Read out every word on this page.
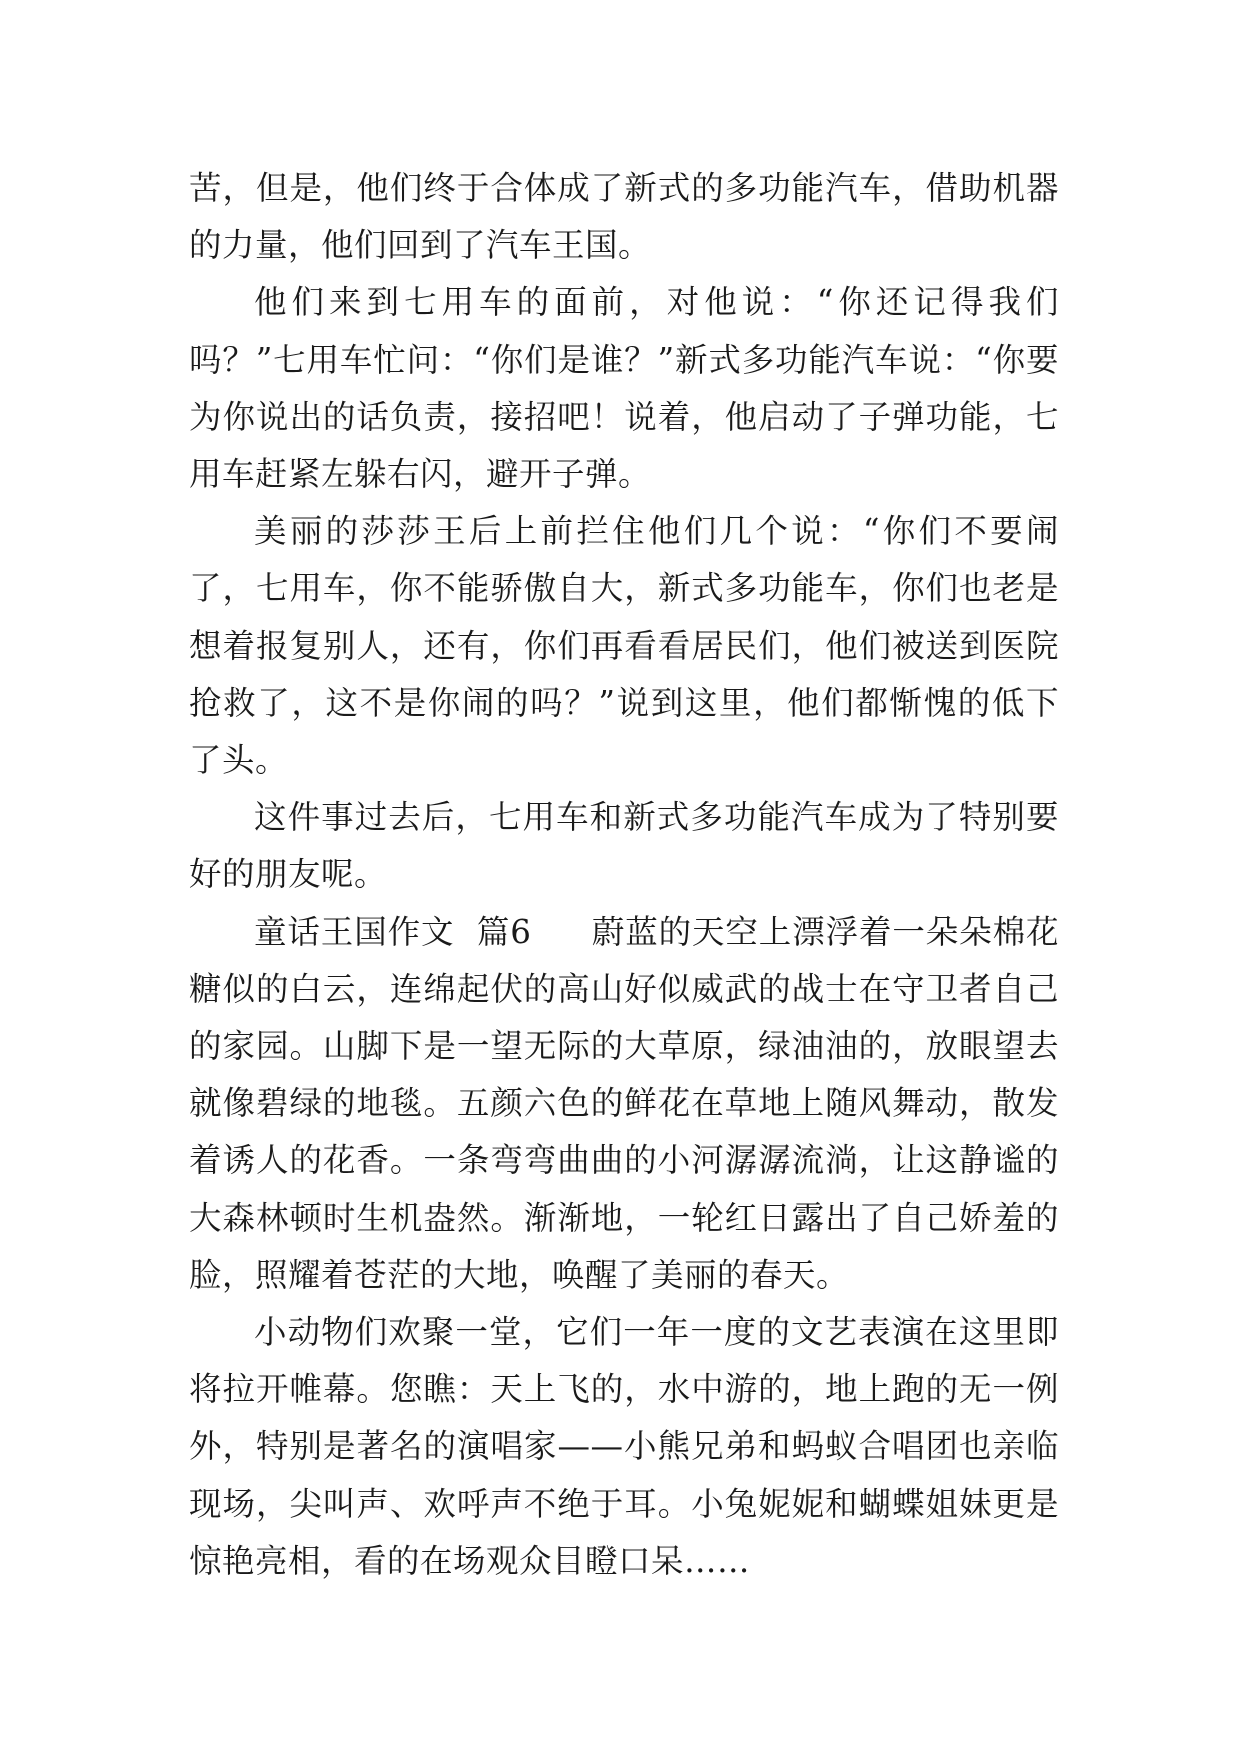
苦，但是，他们终于合体成了新式的多功能汽车，借助机器的力量，他们回到了汽车王国。

他们来到七用车的面前，对他说：“你还记得我们吗？”七用车忙问：“你们是谁？”新式多功能汽车说：“你要为你说出的话负责，接招吧！说着，他启动了子弹功能，七用车赶紧左躲右闪，避开子弹。

美丽的莎莎王后上前拦住他们几个说：“你们不要闹了，七用车，你不能骄傲自大，新式多功能车，你们也老是想着报复别人，还有，你们再看看居民们，他们被送到医院抢救了，这不是你闹的吗？”说到这里，他们都惭愧的低下了头。

这件事过去后，七用车和新式多功能汽车成为了特别要好的朋友呢。

童话王国作文  篇6 蔚蓝的天空上漂浮着一朵朵棉花糖似的白云，连绵起伏的高山好似威武的战士在守卫者自己的家园。山脚下是一望无际的大草原，绿油油的，放眼望去就像碧绿的地毯。五颜六色的鲜花在草地上随风舞动，散发着诱人的花香。一条弯弯曲曲的小河潺潺流淌，让这静谧的大森林顿时生机盎然。渐渐地，一轮红日露出了自己娇羞的脸，照耀着苍茫的大地，唤醒了美丽的春天。

小动物们欢聚一堂，它们一年一度的文艺表演在这里即将拉开帷幕。您瞧：天上飞的，水中游的，地上跑的无一例外，特别是著名的演唱家——小熊兄弟和蚂蚁合唱团也亲临现场，尖叫声、欢呼声不绝于耳。小兔妮妮和蝴蝶姐妹更是惊艳亮相，看的在场观众目瞪口呆……
